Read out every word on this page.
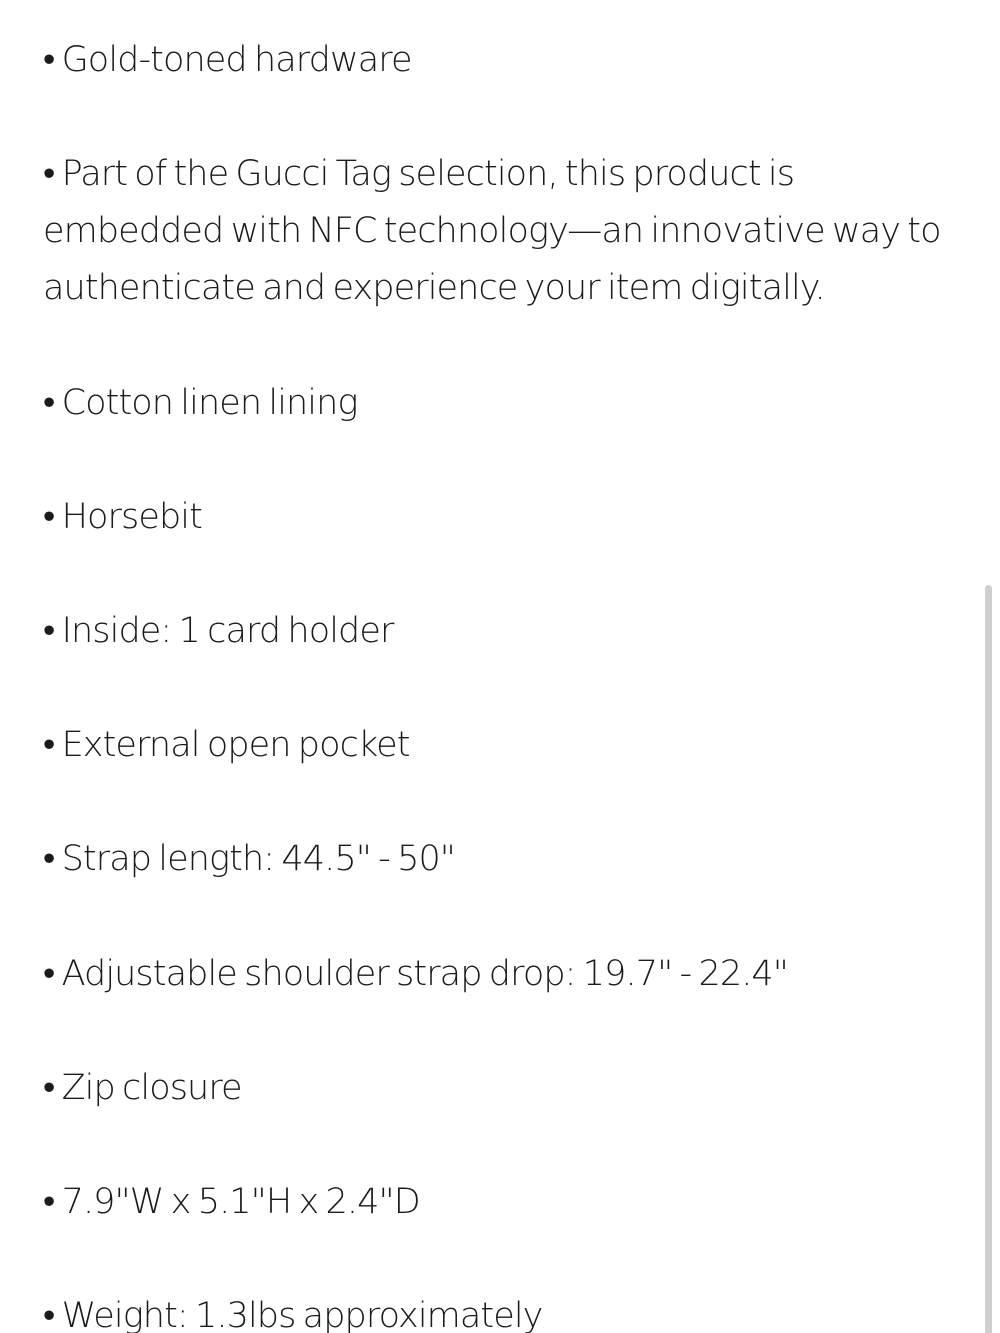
• Gold-toned hardware

• Part of the Gucci Tag selection, this product is embedded with NFC technology—an innovative way to authenticate and experience your item digitally.

• Cotton linen lining

• Horsebit

• Inside: 1 card holder

• External open pocket

• Strap length: 44.5" - 50"

• Adjustable shoulder strap drop: 19.7" - 22.4"

• Zip closure

• 7.9"W x 5.1"H x 2.4"D

• Weight: 1.3lbs approximately
